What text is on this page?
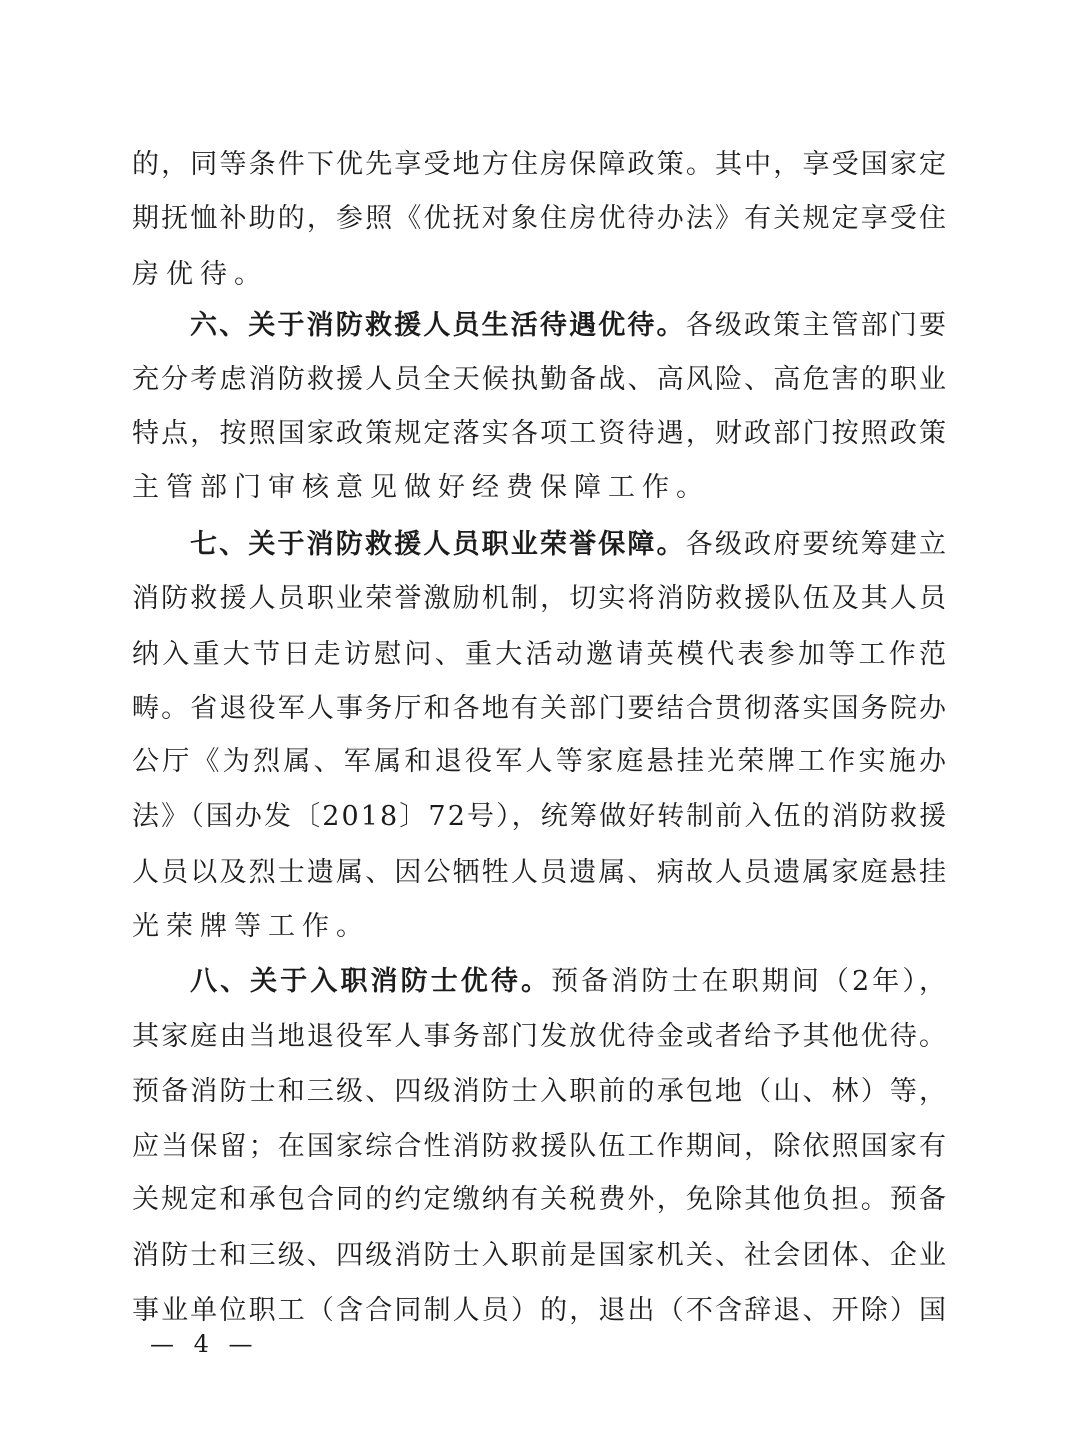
的，同等条件下优先享受地方住房保障政策。其中，享受国家定
期抚恤补助的，参照《优抚对象住房优待办法》有关规定享受住
房优待。
六、关于消防救援人员生活待遇优待。各级政策主管部门要
充分考虑消防救援人员全天候执勤备战、高风险、高危害的职业
特点，按照国家政策规定落实各项工资待遇，财政部门按照政策
主管部门审核意见做好经费保障工作。
七、关于消防救援人员职业荣誉保障。各级政府要统筹建立
消防救援人员职业荣誉激励机制，切实将消防救援队伍及其人员
纳入重大节日走访慰问、重大活动邀请英模代表参加等工作范
畴。省退役军人事务厅和各地有关部门要结合贯彻落实国务院办
公厅《为烈属、军属和退役军人等家庭悬挂光荣牌工作实施办
法》（国办发〔2018〕72号），统筹做好转制前入伍的消防救援
人员以及烈士遗属、因公牺牲人员遗属、病故人员遗属家庭悬挂
光荣牌等工作。
八、关于入职消防士优待。预备消防士在职期间（2年），
其家庭由当地退役军人事务部门发放优待金或者给予其他优待。
预备消防士和三级、四级消防士入职前的承包地（山、林）等，
应当保留；在国家综合性消防救援队伍工作期间，除依照国家有
关规定和承包合同的约定缴纳有关税费外，免除其他负担。预备
消防士和三级、四级消防士入职前是国家机关、社会团体、企业
事业单位职工（含合同制人员）的，退出（不含辞退、开除）国
— 4 —
